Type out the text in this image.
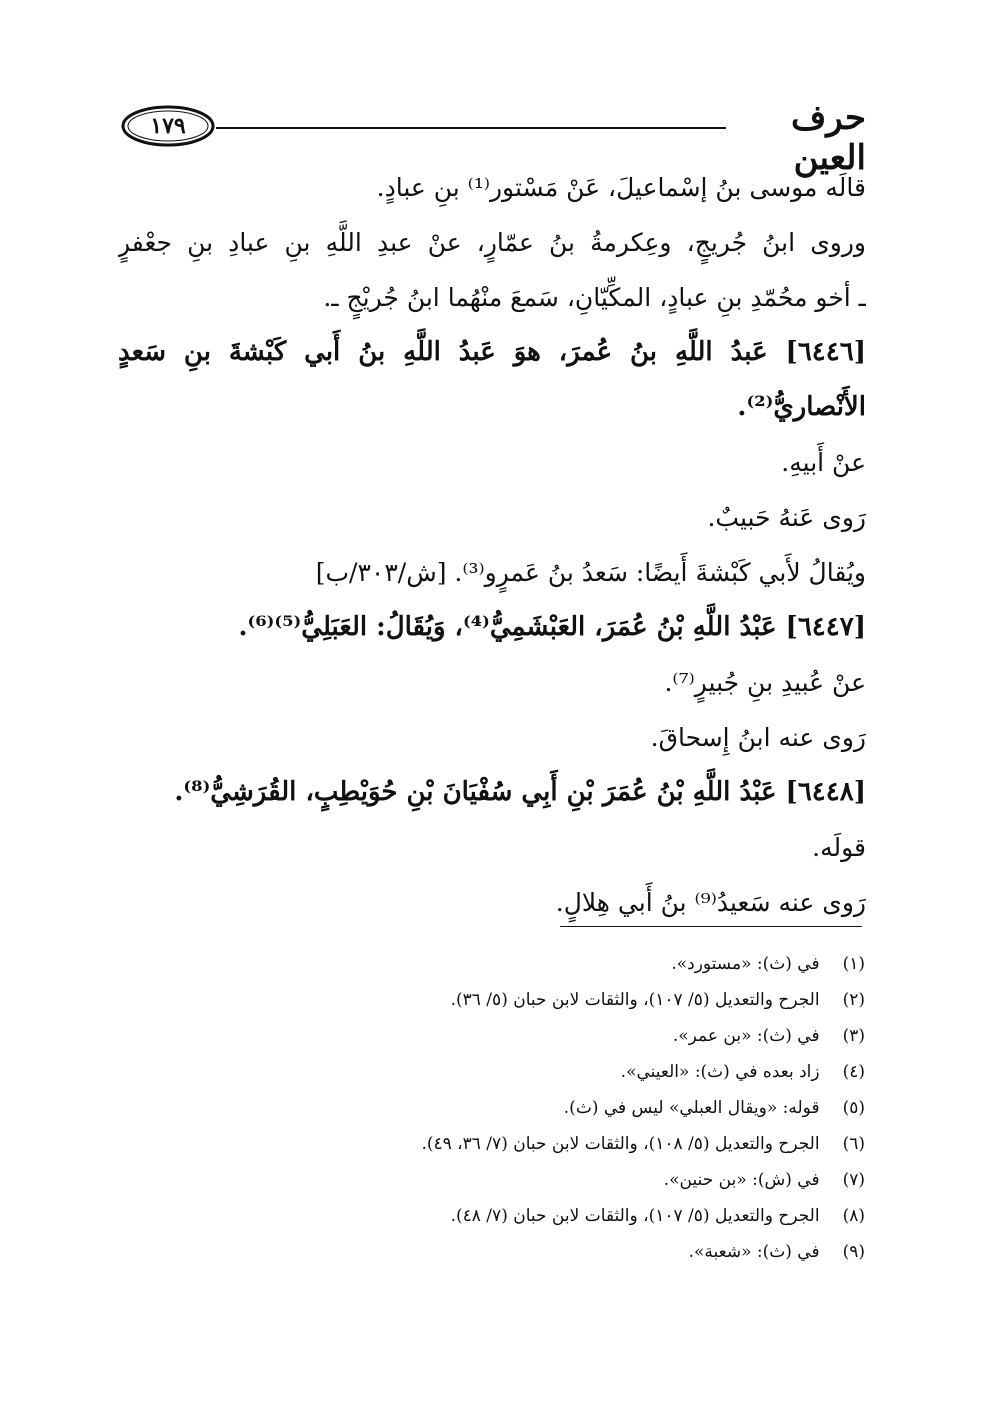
١٧٩	حرف العين
قالَه موسى بنُ إسْماعيلَ، عَنْ مَسْتور⁽¹⁾ بنِ عبادٍ.
وروى ابنُ جُريجٍ، وعِكرمةُ بنُ عمّارٍ، عنْ عبدِ اللَّهِ بنِ عبادِ بنِ جعْفرٍ
ـ أخو محُمّدِ بنِ عبادٍ، المكِّيّانِ، سَمعَ منْهُما ابنُ جُريْجٍ ـ.
[٦٤٤٦] عَبدُ اللَّهِ بنُ عُمرَ، هوَ عَبدُ اللَّهِ بنُ أَبي كَبْشةَ بنِ سَعدٍ
الأَنْصاريُّ⁽²⁾.
عنْ أَبيهِ.
رَوى عَنهُ حَبيبٌ.
ويُقالُ لأَبي كَبْشةَ أَيضًا: سَعدُ بنُ عَمرٍو⁽³⁾. [ش/٣٠٣/ب]
[٦٤٤٧] عَبْدُ اللَّهِ بْنُ عُمَرَ، العَبْشَمِيُّ⁽⁴⁾، وَيُقَالُ: العَبَلِيُّ⁽⁵⁾⁽⁶⁾.
عنْ عُبيدِ بنِ جُبيرٍ⁽⁷⁾.
رَوى عنه ابنُ إِسحاقَ.
[٦٤٤٨] عَبْدُ اللَّهِ بْنُ عُمَرَ بْنِ أَبِي سُفْيَانَ بْنِ حُوَيْطِبٍ، القُرَشِيُّ⁽⁸⁾.
قولَه.
رَوى عنه سَعيدُ⁽⁹⁾ بنُ أَبي هِلالٍ.
(١) في (ث): «مستورد».
(٢) الجرح والتعديل (٥/ ١٠٧)، والثقات لابن حبان (٥/ ٣٦).
(٣) في (ث): «بن عمر».
(٤) زاد بعده في (ث): «العيني».
(٥) قوله: «ويقال العبلي» ليس في (ث).
(٦) الجرح والتعديل (٥/ ١٠٨)، والثقات لابن حبان (٧/ ٣٦، ٤٩).
(٧) في (ش): «بن حنين».
(٨) الجرح والتعديل (٥/ ١٠٧)، والثقات لابن حبان (٧/ ٤٨).
(٩) في (ث): «شعبة».
